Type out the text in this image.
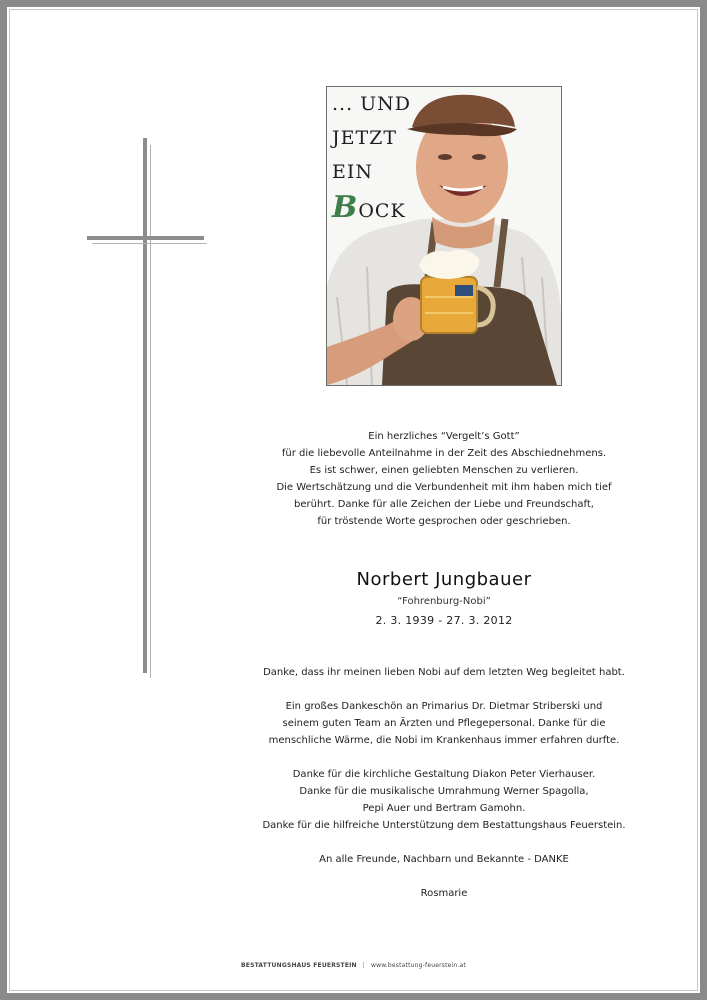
... UND
JETZT
EIN
BOCK
Ein herzliches “Vergelt’s Gott”
für die liebevolle Anteilnahme in der Zeit des Abschiednehmens.
Es ist schwer, einen geliebten Menschen zu verlieren.
Die Wertschätzung und die Verbundenheit mit ihm haben mich tief
berührt. Danke für alle Zeichen der Liebe und Freundschaft,
für tröstende Worte gesprochen oder geschrieben.
Norbert Jungbauer
“Fohrenburg-Nobi”
2. 3. 1939 - 27. 3. 2012
Danke, dass ihr meinen lieben Nobi auf dem letzten Weg begleitet habt.
Ein großes Dankeschön an Primarius Dr. Dietmar Striberski und
seinem guten Team an Ärzten und Pflegepersonal. Danke für die
menschliche Wärme, die Nobi im Krankenhaus immer erfahren durfte.
Danke für die kirchliche Gestaltung Diakon Peter Vierhauser.
Danke für die musikalische Umrahmung Werner Spagolla,
Pepi Auer und Bertram Gamohn.
Danke für die hilfreiche Unterstützung dem Bestattungshaus Feuerstein.
An alle Freunde, Nachbarn und Bekannte - DANKE
Rosmarie
BESTATTUNGSHAUS FEUERSTEIN | www.bestattung-feuerstein.at
